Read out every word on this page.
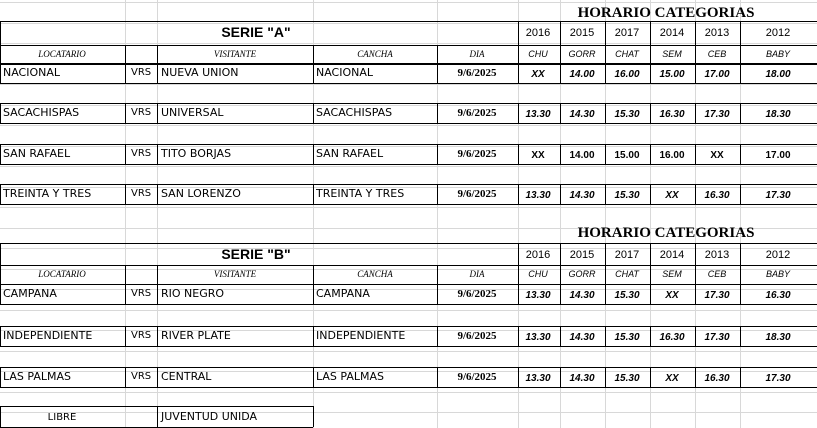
HORARIO CATEGORIAS
SERIE "A"	2016	2015	2017	2014	2013	2012
LOCATARIO	VISITANTE	CANCHA	DIA	CHU	GORR	CHAT	SEM	CEB	BABY
NACIONAL	VRS NUEVA UNION	NACIONAL	9/6/2025	XX	14.00	16.00	15.00	17.00	18.00
SACACHISPAS	VRS UNIVERSAL	SACACHISPAS	9/6/2025	13.30	14.30	15.30	16.30	17.30	18.30
SAN RAFAEL	VRS TITO BORJAS	SAN RAFAEL	9/6/2025	XX	14.00	15.00	16.00	XX	17.00
TREINTA Y TRES	VRS SAN LORENZO	TREINTA Y TRES	9/6/2025	13.30	14.30	15.30	XX	16.30	17.30
HORARIO CATEGORIAS
SERIE "B"	2016	2015	2017	2014	2013	2012
LOCATARIO	VISITANTE	CANCHA	DIA	CHU	GORR	CHAT	SEM	CEB	BABY
CAMPANA	VRS RIO NEGRO	CAMPANA	9/6/2025	13.30	14.30	15.30	XX	17.30	16.30
INDEPENDIENTE	VRS RIVER PLATE	INDEPENDIENTE	9/6/2025	13.30	14.30	15.30	16.30	17.30	18.30
LAS PALMAS	VRS CENTRAL	LAS PALMAS	9/6/2025	13.30	14.30	15.30	XX	16.30	17.30
LIBRE	JUVENTUD UNIDA
